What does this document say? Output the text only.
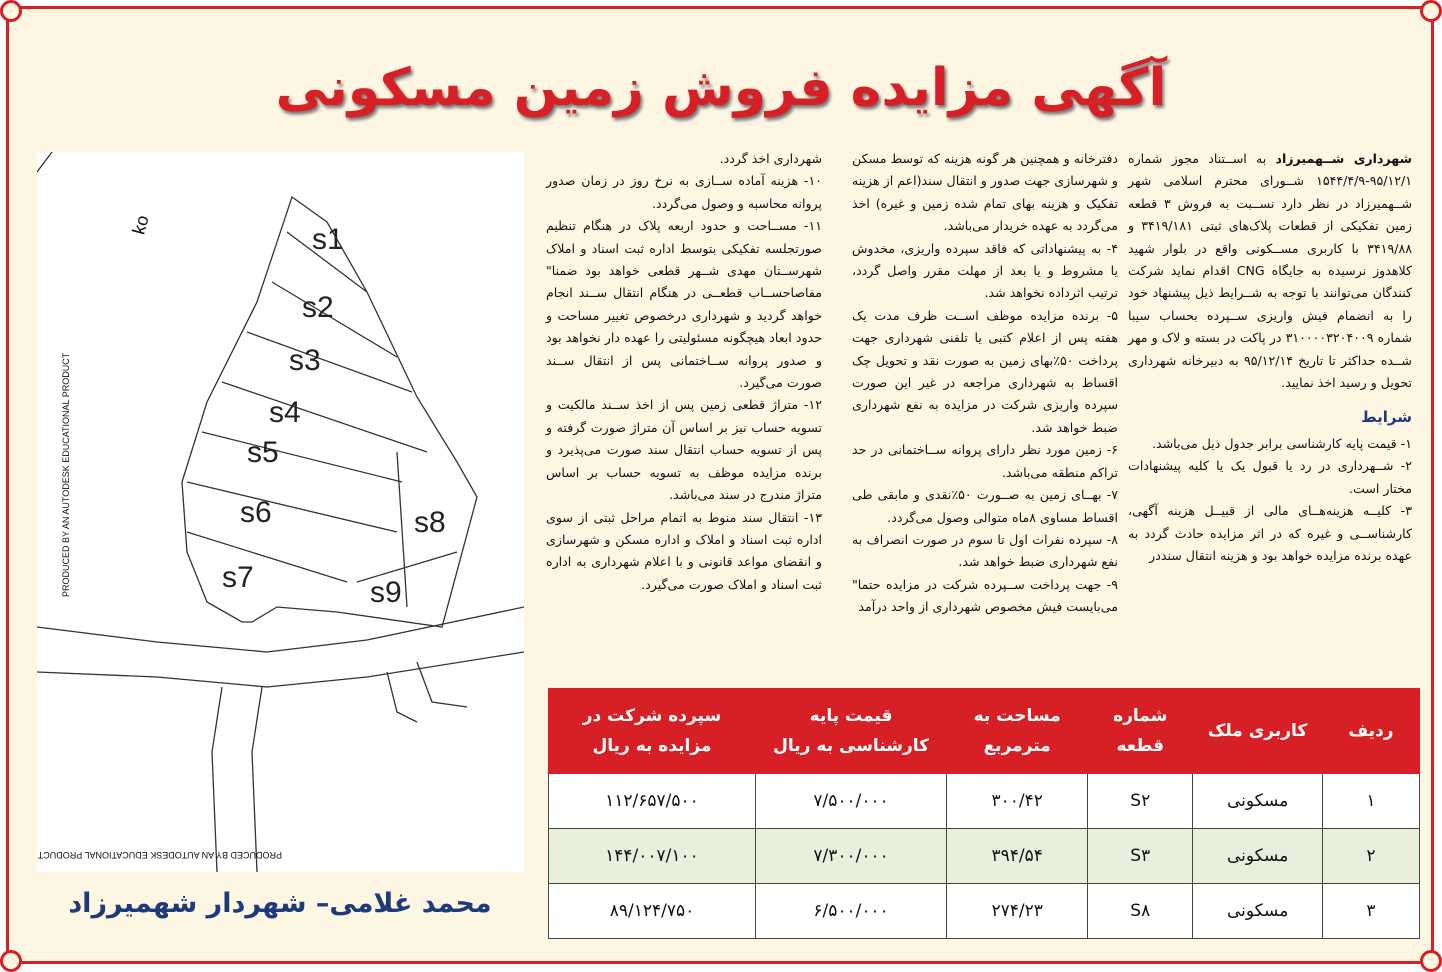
آگهی مزایده فروش زمین مسکونی

شهرداری شــهمیرزاد به اســتناد مجوز شماره ۹۵/۱۲/۱-۱۵۴۴/۴/۹ شــورای محترم اسلامی شهر شــهمیرزاد در نظر دارد نســبت به فروش ۳ قطعه زمین تفکیکی از قطعات پلاک‌های ثبتی ۳۴۱۹/۱۸۱ و ۳۴۱۹/۸۸ با کاربری مســکونی واقع در بلوار شهید کلاهدوز نرسیده به جایگاه CNG اقدام نماید شرکت کنندگان می‌توانند با توجه به شــرایط ذیل پیشنهاد خود را به انضمام فیش واریزی ســپرده بحساب سیبا شماره ۳۱۰۰۰۰۳۲۰۴۰۰۹ در پاکت در بسته و لاک و مهر شــده حداکثر تا تاریخ ۹۵/۱۲/۱۴ به دبیرخانه شهرداری تحویل و رسید اخذ نمایید.

شرایط

۱- قیمت پایه کارشناسی برابر جدول ذیل می‌باشد.

۲- شــهرداری در رد یا قبول یک یا کلیه پیشنهادات مختار است.

۳- کلیــه هزینه‌هــای مالی از قبیــل هزینه آگهی، کارشناســی و غیره که در اثر مزایده حادث گردد به عهده برنده مزایده خواهد بود و هزینه انتقال سنددر

دفترخانه و همچنین هر گونه هزینه که توسط مسکن و شهرسازی جهت صدور و انتقال سند(اعم از هزینه تفکیک و هزینه بهای تمام شده زمین و غیره) اخذ می‌گردد به عهده خریدار می‌باشد.

۴- به پیشنهاداتی که فاقد سپرده واریزی، مخدوش یا مشروط و یا بعد از مهلت مقرر واصل گردد، ترتیب اثرداده نخواهد شد.

۵- برنده مزایده موظف اســت ظرف مدت یک هفته پس از اعلام کتبی یا تلفنی شهرداری جهت پرداخت ۵۰٪بهای زمین به صورت نقد و تحویل چک اقساط به شهرداری مراجعه در غیر این صورت سپرده واریزی شرکت در مزایده به نفع شهرداری ضبط خواهد شد.

۶- زمین مورد نظر دارای پروانه ســاختمانی در حد تراکم منطقه می‌باشد.

۷- بهــای زمین به صــورت ۵۰٪نقدی و مابقی طی اقساط مساوی ۸ماه متوالی وصول می‌گردد.

۸- سپرده نفرات اول تا سوم در صورت انصراف به نفع شهرداری ضبط خواهد شد.

۹- جهت پرداخت ســپرده شرکت در مزایده حتما" می‌بایست فیش مخصوص شهرداری از واحد درآمد

شهرداری اخذ گردد.

۱۰- هزینه آماده ســازی به نرخ روز در زمان صدور پروانه محاسبه و وصول می‌گردد.

۱۱- مســاحت و حدود اربعه پلاک در هنگام تنظیم صورتجلسه تفکیکی بتوسط اداره ثبت اسناد و املاک شهرســتان مهدی شــهر قطعی خواهد بود ضمنا" مفاصاحســاب قطعــی در هنگام انتقال ســند انجام خواهد گردید و شهرداری درخصوص تغییر مساحت و حدود ابعاد هیچگونه مسئولیتی را عهده دار نخواهد بود و صدور پروانه ســاختمانی پس از انتقال ســند صورت می‌گیرد.

۱۲- متراژ قطعی زمین پس از اخذ ســند مالکیت و تسویه حساب نیز بر اساس آن متراژ صورت گرفته و پس از تسویه حساب انتقال سند صورت می‌پذیرد و برنده مزایده موظف به تسویه حساب بر اساس متراژ مندرج در سند می‌باشد.

۱۳- انتقال سند منوط به اتمام مراحل ثبتی از سوی اداره ثبت اسناد و املاک و اداره مسکن و شهرسازی و انقضای مواعد قانونی و با اعلام شهرداری به اداره ثبت اسناد و املاک صورت می‌گیرد.

s1
s2
s3
s4
s5
s6
s7
s8
s9
ko
PRODUCED BY AN AUTODESK EDUCATIONAL PRODUCT
PRODUCED BY AN AUTODESK EDUCATIONAL PRODUCT
محمد غلامی– شهردار شهمیرزاد
ردیف	کاربری ملک	شماره قطعه	مساحت به مترمربع	قیمت پایه کارشناسی به ریال	سپرده شرکت در مزایده به ریال
۱	مسکونی	S۲	۳۰۰/۴۲	۷/۵۰۰/۰۰۰	۱۱۲/۶۵۷/۵۰۰
۲	مسکونی	S۳	۳۹۴/۵۴	۷/۳۰۰/۰۰۰	۱۴۴/۰۰۷/۱۰۰
۳	مسکونی	S۸	۲۷۴/۲۳	۶/۵۰۰/۰۰۰	۸۹/۱۲۴/۷۵۰
